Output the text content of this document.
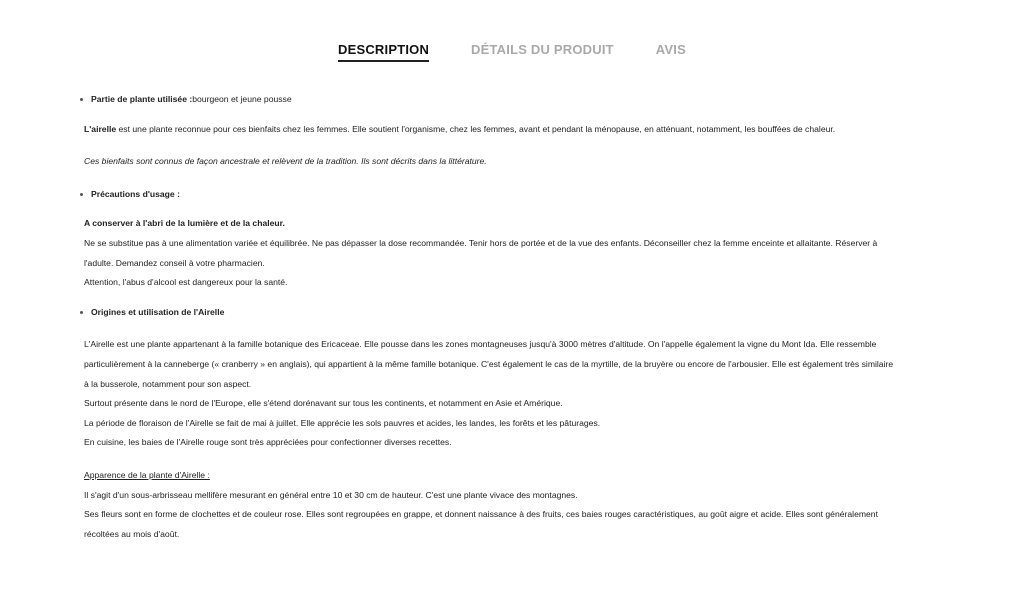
DESCRIPTION	DÉTAILS DU PRODUIT	AVIS
Partie de plante utilisée : bourgeon et jeune pousse

L'airelle est une plante reconnue pour ces bienfaits chez les femmes. Elle soutient l'organisme, chez les femmes, avant et pendant la ménopause, en atténuant, notamment, les bouffées de chaleur.

Ces bienfaits sont connus de façon ancestrale et relèvent de la tradition. Ils sont décrits dans la littérature.

Précautions d'usage :

A conserver à l'abri de la lumière et de la chaleur.

Ne se substitue pas à une alimentation variée et équilibrée. Ne pas dépasser la dose recommandée. Tenir hors de portée et de la vue des enfants. Déconseiller chez la femme enceinte et allaitante. Réserver à

l'adulte. Demandez conseil à votre pharmacien.

Attention, l'abus d'alcool est dangereux pour la santé.

Origines et utilisation de l'Airelle

L'Airelle est une plante appartenant à la famille botanique des Ericaceae. Elle pousse dans les zones montagneuses jusqu'à 3000 mètres d'altitude. On l'appelle également la vigne du Mont Ida. Elle ressemble

particulièrement à la canneberge (« cranberry » en anglais), qui appartient à la même famille botanique. C'est également le cas de la myrtille, de la bruyère ou encore de l'arbousier. Elle est également très similaire

à la busserole, notamment pour son aspect.

Surtout présente dans le nord de l'Europe, elle s'étend dorénavant sur tous les continents, et notamment en Asie et Amérique.

La période de floraison de l'Airelle se fait de mai à juillet. Elle apprécie les sols pauvres et acides, les landes, les forêts et les pâturages.

En cuisine, les baies de l'Airelle rouge sont très appréciées pour confectionner diverses recettes.

Apparence de la plante d'Airelle :

Il s'agit d'un sous-arbrisseau mellifère mesurant en général entre 10 et 30 cm de hauteur. C'est une plante vivace des montagnes.

Ses fleurs sont en forme de clochettes et de couleur rose. Elles sont regroupées en grappe, et donnent naissance à des fruits, ces baies rouges caractéristiques, au goût aigre et acide. Elles sont généralement

récoltées au mois d'août.
